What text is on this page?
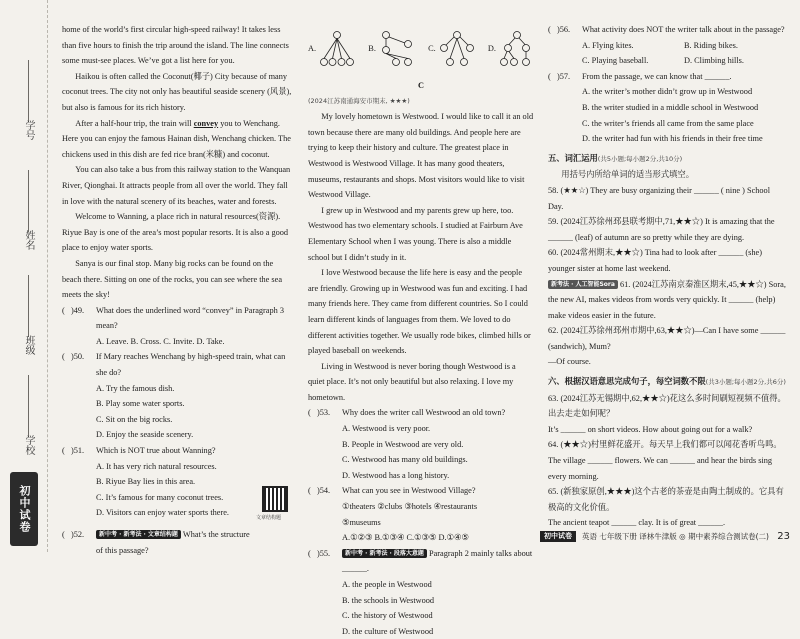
学号
姓名
班级
学校
初中试卷

home of the world’s first circular high-speed railway! It takes less than five hours to finish the trip around the island. The line connects some must-see places. We’ve got a list here for you.

Haikou is often called the Coconut(椰子) City because of many coconut trees. The city not only has beautiful seaside scenery (风景), but also is famous for its rich history.

After a half-hour trip, the train will convey you to Wenchang. Here you can enjoy the famous Hainan dish, Wenchang chicken. The chickens used in this dish are fed rice bran(米糠) and coconut.

You can also take a bus from this railway station to the Wanquan River, Qionghai. It attracts people from all over the world. They fall in love with the natural scenery of its beaches, water and forests.

Welcome to Wanning, a place rich in natural resources(资源). Riyue Bay is one of the area’s most popular resorts. It is also a good place to enjoy water sports.

Sanya is our final stop. Many big rocks can be found on the beach there. Sitting on one of the rocks, you can see where the sea meets the sky!

(   )49.	What does the underlined word “convey” in Paragraph 3 mean?

A. Leave. B. Cross. C. Invite. D. Take.

(   )50.	If Mary reaches Wenchang by high-speed train, what can she do?

A. Try the famous dish.

B. Play some water sports.

C. Sit on the big rocks.

D. Enjoy the seaside scenery.

(   )51.	Which is NOT true about Wanning?

A. It has very rich natural resources.

B. Riyue Bay lies in this area.

C. It’s famous for many coconut trees.

D. Visitors can enjoy water sports there.

(   )52.	新中考 · 新考法 · 文章结构题 What’s the structure of this passage?
文章结构题
A.	B.	C.	D.

C

(2024江苏南通海安市期末, ★★★)

My lovely hometown is Westwood. I would like to call it an old town because there are many old buildings. And people here are trying to keep their history and culture. The greatest place in Westwood is Westwood Village. It has many good theaters, museums, restaurants and shops. Most visitors would like to visit Westwood Village.

I grew up in Westwood and my parents grew up here, too. Westwood has two elementary schools. I studied at Fairburn Ave Elementary School when I was young. There is also a middle school but I didn’t study in it.

I love Westwood because the life here is easy and the people are friendly. Growing up in Westwood was fun and exciting. I had many friends here. They came from different countries. So I could learn different kinds of languages from them. We loved to do different activities together. We usually rode bikes, climbed hills or played baseball on weekends.

Living in Westwood is never boring though Westwood is a quiet place. It’s not only beautiful but also relaxing. I love my hometown.

(   )53.	Why does the writer call Westwood an old town?

A. Westwood is very poor.

B. People in Westwood are very old.

C. Westwood has many old buildings.

D. Westwood has a long history.

(   )54.	What can you see in Westwood Village?

①theaters ②clubs ③hotels ④restaurants

⑤museums

A.①②③ B.①③④ C.①③⑤ D.①④⑤

(   )55.	新中考 · 新考法 · 段落大意题 Paragraph 2 mainly talks about ______.

A. the people in Westwood

B. the schools in Westwood

C. the history of Westwood

D. the culture of Westwood

(   )56.	What activity does NOT the writer talk about in the passage?
A. Flying kites.	B. Riding bikes.
C. Playing baseball.	D. Climbing hills.
(   )57.	From the passage, we can know that ______.

A. the writer’s mother didn’t grow up in Westwood

B. the writer studied in a middle school in Westwood

C. the writer’s friends all came from the same place

D. the writer had fun with his friends in their free time

五、词汇运用(共5小题;每小题2分,共10分)

用括号内所给单词的适当形式填空。

58. (★★☆) They are busy organizing their ______ ( nine ) School Day.

59. (2024江苏徐州邳县联考期中,71,★★☆) It is amazing that the ______ (leaf) of autumn are so pretty while they are dying.

60. (2024常州期末,★★☆) Tina had to look after ______ (she) younger sister at home last weekend.

新考法 · 人工智能Sora 61. (2024江苏南京秦淮区期末,45,★★☆) Sora, the new AI, makes videos from words very quickly. It ______ (help) make videos easier in the future.

62. (2024江苏徐州邳州市期中,63,★★☆)—Can I have some ______ (sandwich), Mum?

—Of course.

六、根据汉语意思完成句子，每空词数不限(共3小题;每小题2分,共6分)

63. (2024江苏无锡期中,62,★★☆)花这么多时间刷短视频不值得。出去走走如何呢？

It’s ______ on short videos. How about going out for a walk?

64. (★★☆)村里鲜花盛开。每天早上我们都可以闻花香听鸟鸣。

The village ______ flowers. We can ______ and hear the birds sing every morning.

65. (新独家原创,★★★)这个古老的茶壶是由陶土制成的。它具有极高的文化价值。

The ancient teapot ______ clay. It is of great ______.

初中试卷	英语 七年级下册 译林牛津版 ◎ 期中素养综合测试卷(二) 23
